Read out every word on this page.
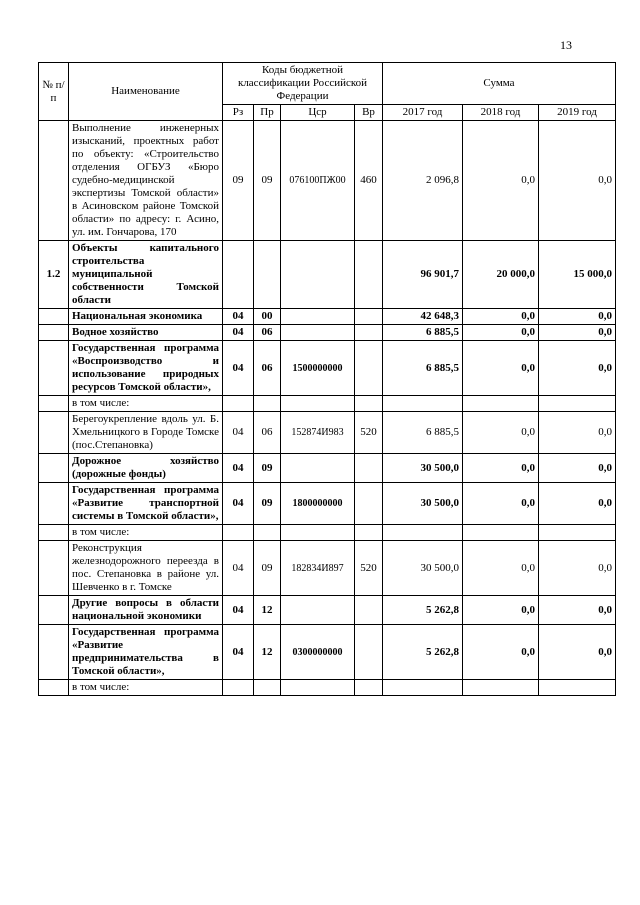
13
№ п/п	Наименование	Коды бюджетной классификации Российской Федерации				Сумма		
		Рз	Пр	Цср	Вр	2017 год	2018 год	2019 год
	Выполнение инженерных изысканий, проектных работ по объекту: «Строительство отделения ОГБУЗ «Бюро судебно-медицинской экспертизы Томской области» в Асиновском районе Томской области» по адресу: г. Асино, ул. им. Гончарова, 170	09	09	076100ПЖ00	460	2 096,8	0,0	0,0
1.2	Объекты капитального строительства муниципальной собственности Томской области					96 901,7	20 000,0	15 000,0
	Национальная экономика	04	00			42 648,3	0,0	0,0
	Водное хозяйство	04	06			6 885,5	0,0	0,0
	Государственная программа «Воспроизводство и использование природных ресурсов Томской области»,	04	06	1500000000		6 885,5	0,0	0,0
	в том числе:							
	Берегоукрепление вдоль ул. Б. Хмельницкого в Городе Томске (пос.Степановка)	04	06	152874И983	520	6 885,5	0,0	0,0
	Дорожное хозяйство (дорожные фонды)	04	09			30 500,0	0,0	0,0
	Государственная программа «Развитие транспортной системы в Томской области»,	04	09	1800000000		30 500,0	0,0	0,0
	в том числе:							
	Реконструкция железнодорожного переезда в пос. Степановка в районе ул. Шевченко в г. Томске	04	09	182834И897	520	30 500,0	0,0	0,0
	Другие вопросы в области национальной экономики	04	12			5 262,8	0,0	0,0
	Государственная программа «Развитие предпринимательства в Томской области»,	04	12	0300000000		5 262,8	0,0	0,0
	в том числе:							
